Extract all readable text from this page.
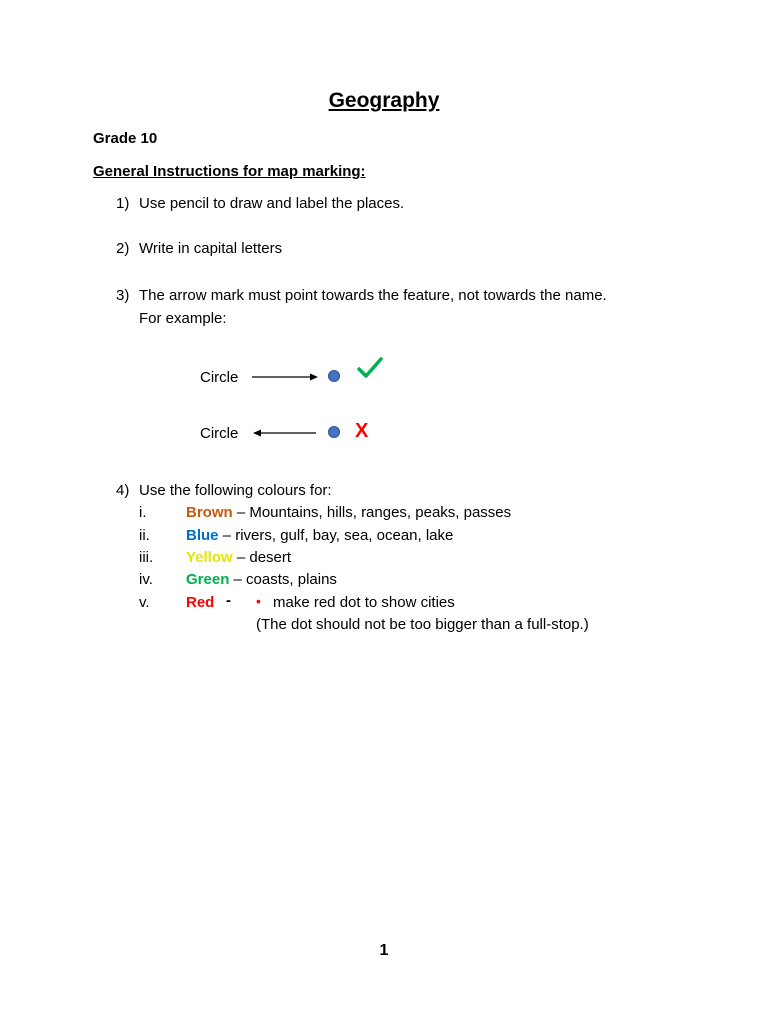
Geography
Grade 10
General Instructions for map marking:
1) Use pencil to draw and label the places.
2) Write in capital letters
3) The arrow mark must point towards the feature, not towards the name.
For example:
Circle
Circle	X
4) Use the following colours for:
i.	Brown – Mountains, hills, ranges, peaks, passes
ii. Blue – rivers, gulf, bay, sea, ocean, lake
iii. Yellow – desert
iv. Green – coasts, plains
v. Red - • make red dot to show cities
(The dot should not be too bigger than a full-stop.)
1
